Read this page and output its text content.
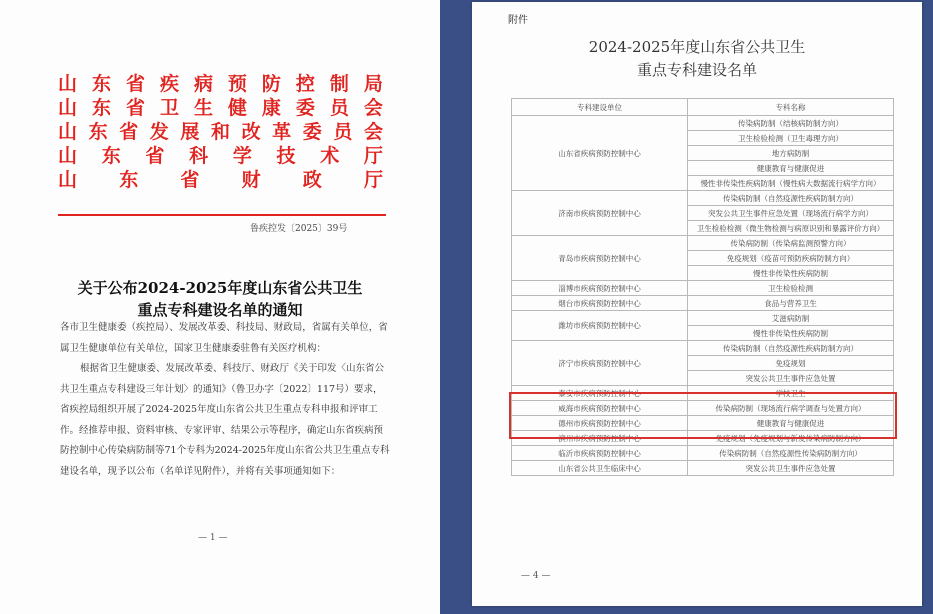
山 东 省 疾 病 预 防 控 制 局
山 东 省 卫 生 健 康 委 员 会
山 东 省 发 展 和 改 革 委 员 会
山 东 省 科 学 技 术 厅
山 东 省 财 政 厅
鲁疾控发〔2025〕39号
关于公布2024-2025年度山东省公共卫生
重点专科建设名单的通知
各市卫生健康委（疾控局）、发展改革委、科技局、财政局，省属有关单位，省属卫生健康单位有关单位，国家卫生健康委驻鲁有关医疗机构：
根据省卫生健康委、发展改革委、科技厅、财政厅《关于印发〈山东省公共卫生重点专科建设三年计划〉的通知》（鲁卫办字〔2022〕117号）要求，省疾控局组织开展了2024-2025年度山东省公共卫生重点专科申报和评审工作。经推荐申报、资料审核、专家评审、结果公示等程序，确定山东省疾病预防控制中心传染病防制等71个专科为2024-2025年度山东省公共卫生重点专科建设名单，现予以公布（名单详见附件），并将有关事项通知如下：
— 1 —
附件
2024-2025年度山东省公共卫生
重点专科建设名单
专科建设单位	专科名称
山东省疾病预防控制中心	传染病防制（结核病防制方向）
	卫生检验检测（卫生毒理方向）
	地方病防制
	健康教育与健康促进
	慢性非传染性疾病防制（慢性病大数据流行病学方向）
济南市疾病预防控制中心	传染病防制（自然疫源性疾病防制方向）
	突发公共卫生事件应急处置（现场流行病学方向）
	卫生检验检测（微生物检测与病原识别和暴露评价方向）
青岛市疾病预防控制中心	传染病防制（传染病监测预警方向）
	免疫规划（疫苗可预防疾病防制方向）
	慢性非传染性疾病防制
淄博市疾病预防控制中心	卫生检验检测
烟台市疾病预防控制中心	食品与营养卫生
潍坊市疾病预防控制中心	艾滋病防制
	慢性非传染性疾病防制
济宁市疾病预防控制中心	传染病防制（自然疫源性疾病防制方向）
	免疫规划
	突发公共卫生事件应急处置
泰安市疾病预防控制中心	学校卫生
威海市疾病预防控制中心	传染病防制（现场流行病学调查与处置方向）
德州市疾病预防控制中心	健康教育与健康促进
滨州市疾病预防控制中心	免疫规划（免疫规划与新发传染病防制方向）
临沂市疾病预防控制中心	传染病防制（自然疫源性传染病防制方向）
山东省公共卫生临床中心	突发公共卫生事件应急处置
— 4 —
